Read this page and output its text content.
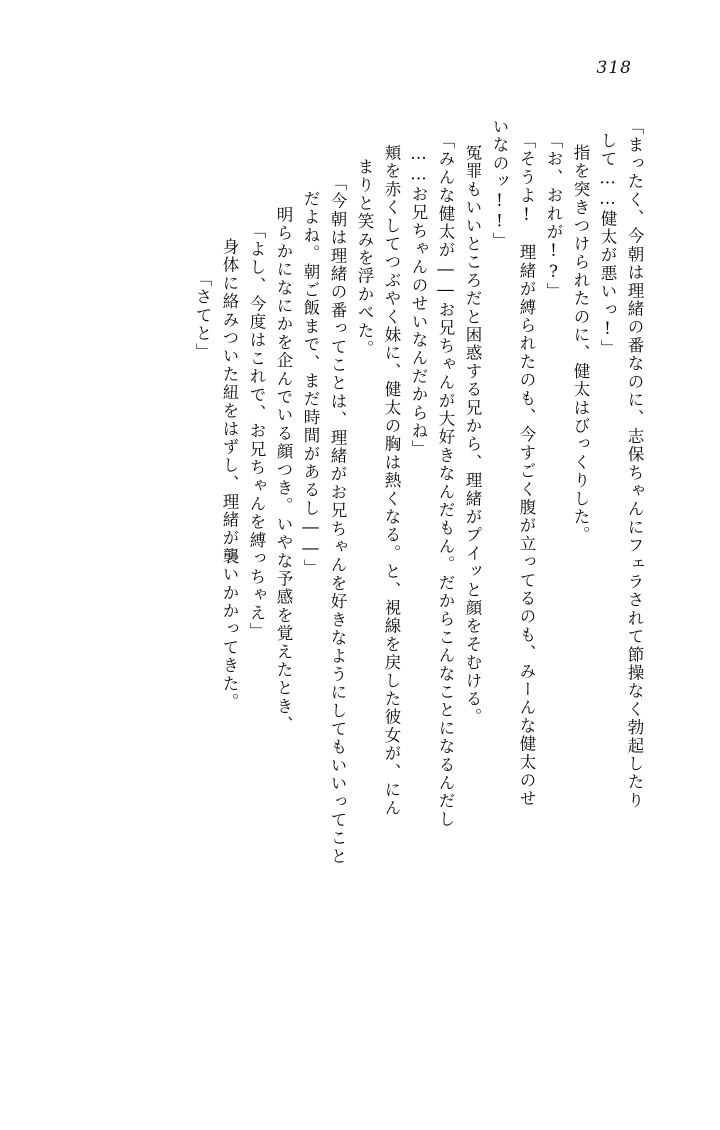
318
「まったく、今朝は理緒の番なのに、志保ちゃんにフェラされて節操なく勃起したり
して……健太が悪いっ!」
指を突きつけられたのに、健太はびっくりした。
「お、おれが!?」
「そうよ!　理緒が縛られたのも、今すごく腹が立ってるのも、みーんな健太のせ
いなのッ!!」
冤罪もいいところだと困惑する兄から、理緒がプイッと顔をそむける。
「みんな健太が――お兄ちゃんが大好きなんだもん。だからこんなことになるんだし
……お兄ちゃんのせいなんだからね」
頬を赤くしてつぶやく妹に、健太の胸は熱くなる。と、視線を戻した彼女が、にん
まりと笑みを浮かべた。
「今朝は理緒の番ってことは、理緒がお兄ちゃんを好きなようにしてもいいってこと
だよね。朝ご飯まで、まだ時間があるし――」
明らかになにかを企んでいる顔つき。いやな予感を覚えたとき、
「よし、今度はこれで、お兄ちゃんを縛っちゃえ」
身体に絡みついた紐をはずし、理緒が襲いかかってきた。
「さてと」
